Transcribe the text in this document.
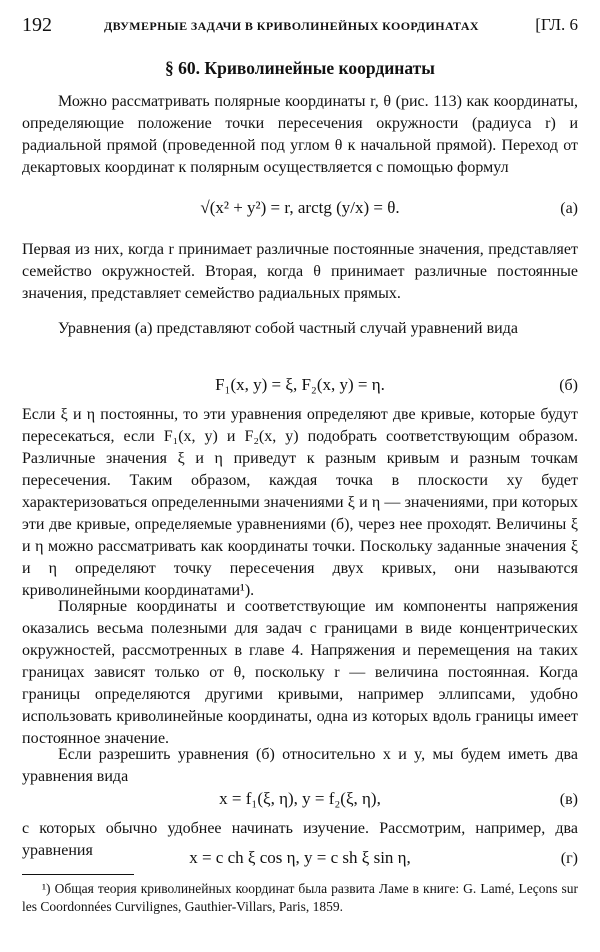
192	ДВУМЕРНЫЕ ЗАДАЧИ В КРИВОЛИНЕЙНЫХ КООРДИНАТАХ	[ГЛ. 6
§ 60. Криволинейные координаты

Можно рассматривать полярные координаты r, θ (рис. 113) как координаты, определяющие положение точки пересечения окружности (радиуса r) и радиальной прямой (проведенной под углом θ к начальной прямой). Переход от декартовых координат к полярным осуществляется с помощью формул

√(x² + y²) = r, arctg (y/x) = θ.	(а)

Первая из них, когда r принимает различные постоянные значения, представляет семейство окружностей. Вторая, когда θ принимает различные постоянные значения, представляет семейство радиальных прямых.

Уравнения (а) представляют собой частный случай уравнений вида

F₁(x, y) = ξ, F₂(x, y) = η.	(б)

Если ξ и η постоянны, то эти уравнения определяют две кривые, которые будут пересекаться, если F₁(x, y) и F₂(x, y) подобрать соответствующим образом. Различные значения ξ и η приведут к разным кривым и разным точкам пересечения. Таким образом, каждая точка в плоскости xy будет характеризоваться определенными значениями ξ и η — значениями, при которых эти две кривые, определяемые уравнениями (б), через нее проходят. Величины ξ и η можно рассматривать как координаты точки. Поскольку заданные значения ξ и η определяют точку пересечения двух кривых, они называются криволинейными координатами¹).

Полярные координаты и соответствующие им компоненты напряжения оказались весьма полезными для задач с границами в виде концентрических окружностей, рассмотренных в главе 4. Напряжения и перемещения на таких границах зависят только от θ, поскольку r — величина постоянная. Когда границы определяются другими кривыми, например эллипсами, удобно использовать криволинейные координаты, одна из которых вдоль границы имеет постоянное значение.

Если разрешить уравнения (б) относительно x и y, мы будем иметь два уравнения вида

x = f₁(ξ, η), y = f₂(ξ, η),	(в)

с которых обычно удобнее начинать изучение. Рассмотрим, например, два уравнения	x = c ch ξ cos η, y = c sh ξ sin η,	(г)

¹) Общая теория криволинейных координат была развита Ламе в книге: G. Lamé, Leçons sur les Coordonnées Curvilignes, Gauthier-Villars, Paris, 1859.
